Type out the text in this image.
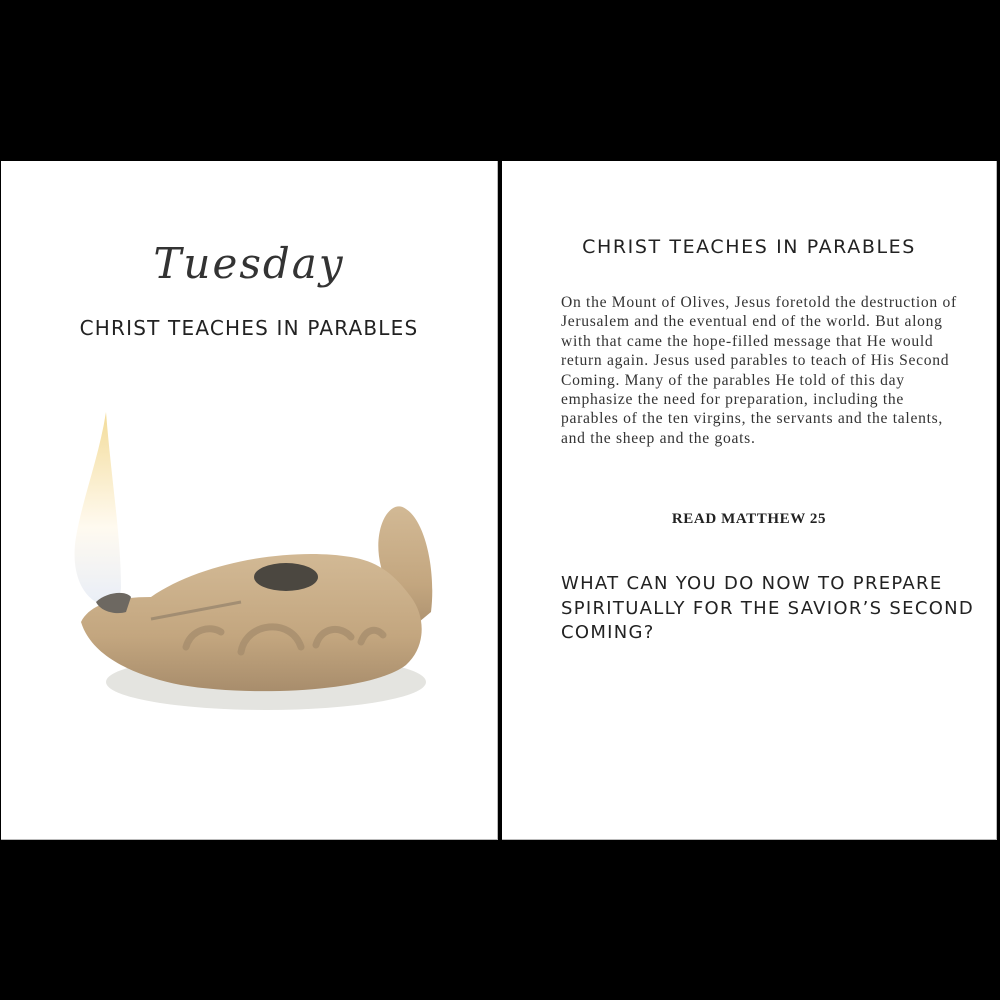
Tuesday
CHRIST TEACHES IN PARABLES
CHRIST TEACHES IN PARABLES

On the Mount of Olives, Jesus foretold the destruction of Jerusalem and the eventual end of the world. But along with that came the hope-filled message that He would return again. Jesus used parables to teach of His Second Coming. Many of the parables He told of this day emphasize the need for preparation, including the parables of the ten virgins, the servants and the talents, and the sheep and the goats.

READ MATTHEW 25

WHAT CAN YOU DO NOW TO PREPARE SPIRITUALLY FOR THE SAVIOR’S SECOND COMING?
